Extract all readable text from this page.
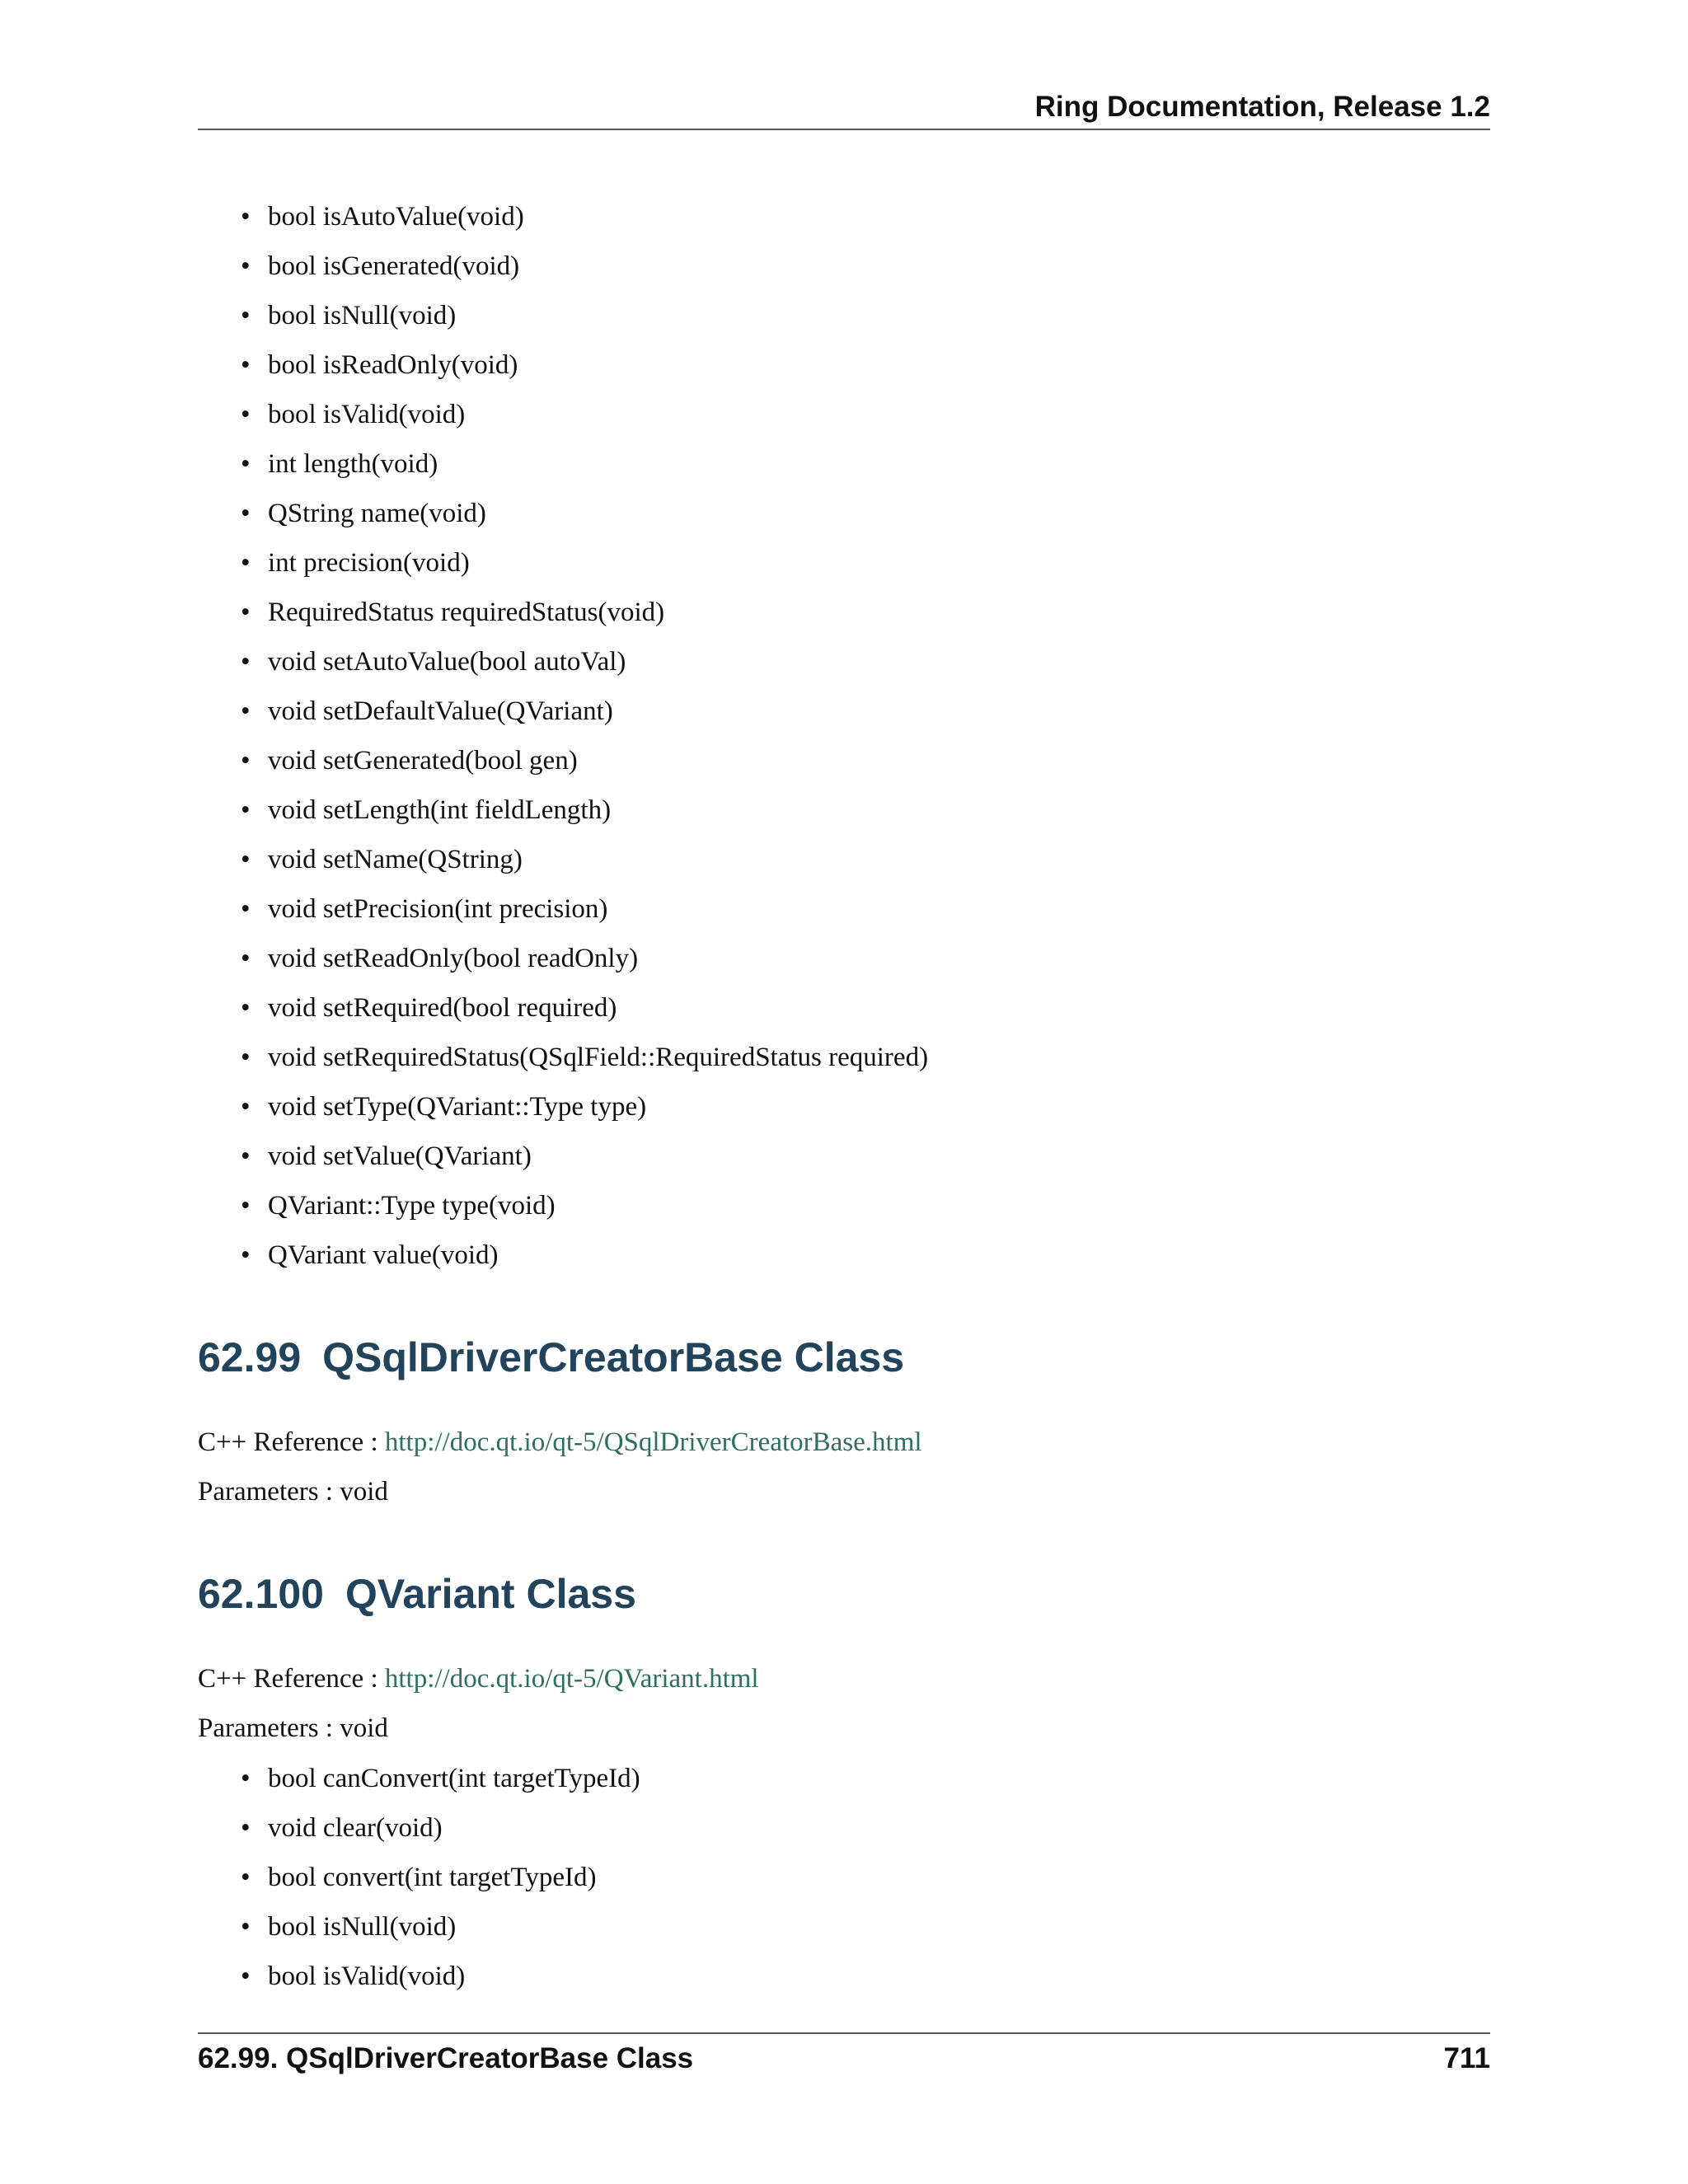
Ring Documentation, Release 1.2
• bool isAutoValue(void)
• bool isGenerated(void)
• bool isNull(void)
• bool isReadOnly(void)
• bool isValid(void)
• int length(void)
• QString name(void)
• int precision(void)
• RequiredStatus requiredStatus(void)
• void setAutoValue(bool autoVal)
• void setDefaultValue(QVariant)
• void setGenerated(bool gen)
• void setLength(int fieldLength)
• void setName(QString)
• void setPrecision(int precision)
• void setReadOnly(bool readOnly)
• void setRequired(bool required)
• void setRequiredStatus(QSqlField::RequiredStatus required)
• void setType(QVariant::Type type)
• void setValue(QVariant)
• QVariant::Type type(void)
• QVariant value(void)
62.99 QSqlDriverCreatorBase Class
C++ Reference : http://doc.qt.io/qt-5/QSqlDriverCreatorBase.html
Parameters : void
62.100 QVariant Class
C++ Reference : http://doc.qt.io/qt-5/QVariant.html
Parameters : void
• bool canConvert(int targetTypeId)
• void clear(void)
• bool convert(int targetTypeId)
• bool isNull(void)
• bool isValid(void)
62.99. QSqlDriverCreatorBase Class	711
